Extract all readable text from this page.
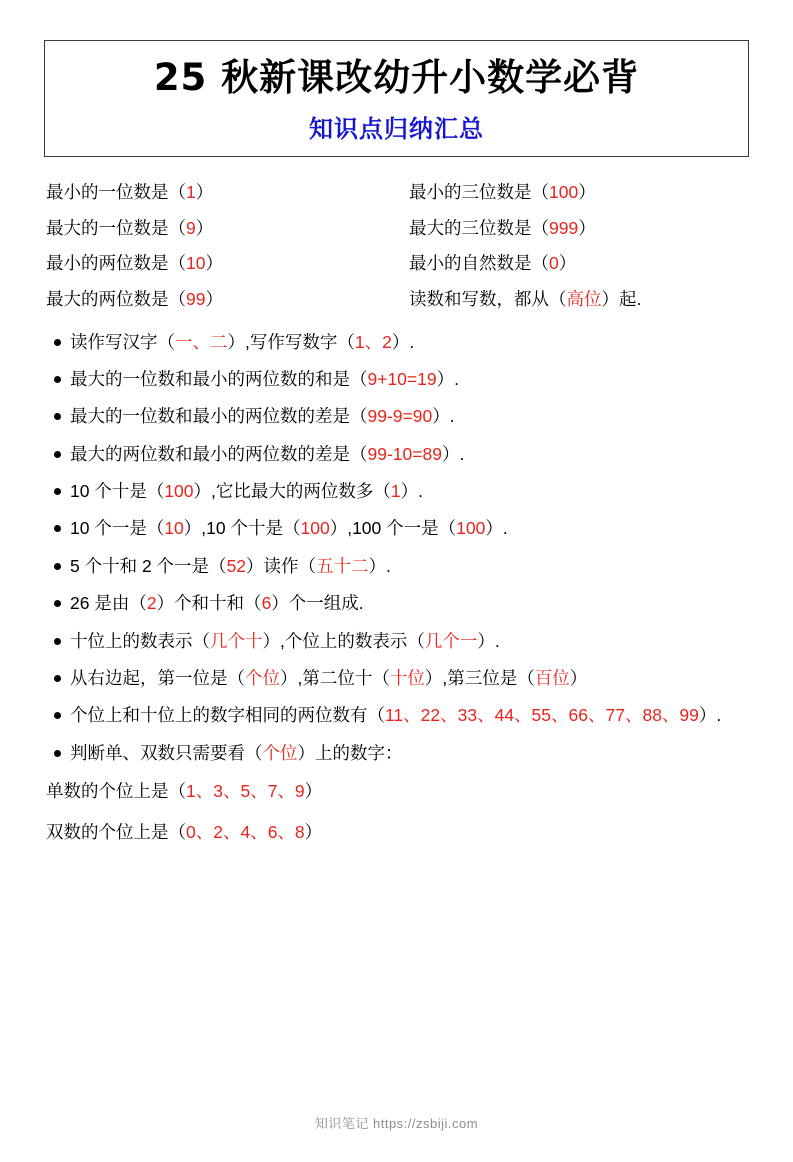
25 秋新课改幼升小数学必背
知识点归纳汇总
最小的一位数是（1）	最小的三位数是（100）
最大的一位数是（9）	最大的三位数是（999）
最小的两位数是（10）	最小的自然数是（0）
最大的两位数是（99）	读数和写数，都从（高位）起.
读作写汉字（一、二）,写作写数字（1、2）.
最大的一位数和最小的两位数的和是（9+10=19）.
最大的一位数和最小的两位数的差是（99-9=90）.
最大的两位数和最小的两位数的差是（99-10=89）.
10 个十是（100）,它比最大的两位数多（1）.
10 个一是（10）,10 个十是（100）,100 个一是（100）.
5 个十和 2 个一是（52）读作（五十二）.
26 是由（2）个和十和（6）个一组成.
十位上的数表示（几个十）,个位上的数表示（几个一）.
从右边起，第一位是（个位）,第二位十（十位）,第三位是（百位）
个位上和十位上的数字相同的两位数有（11、22、33、44、55、66、77、88、99）.
判断单、双数只需要看（个位）上的数字：
单数的个位上是（1、3、5、7、9）
双数的个位上是（0、2、4、6、8）
知识笔记 https://zsbiji.com
